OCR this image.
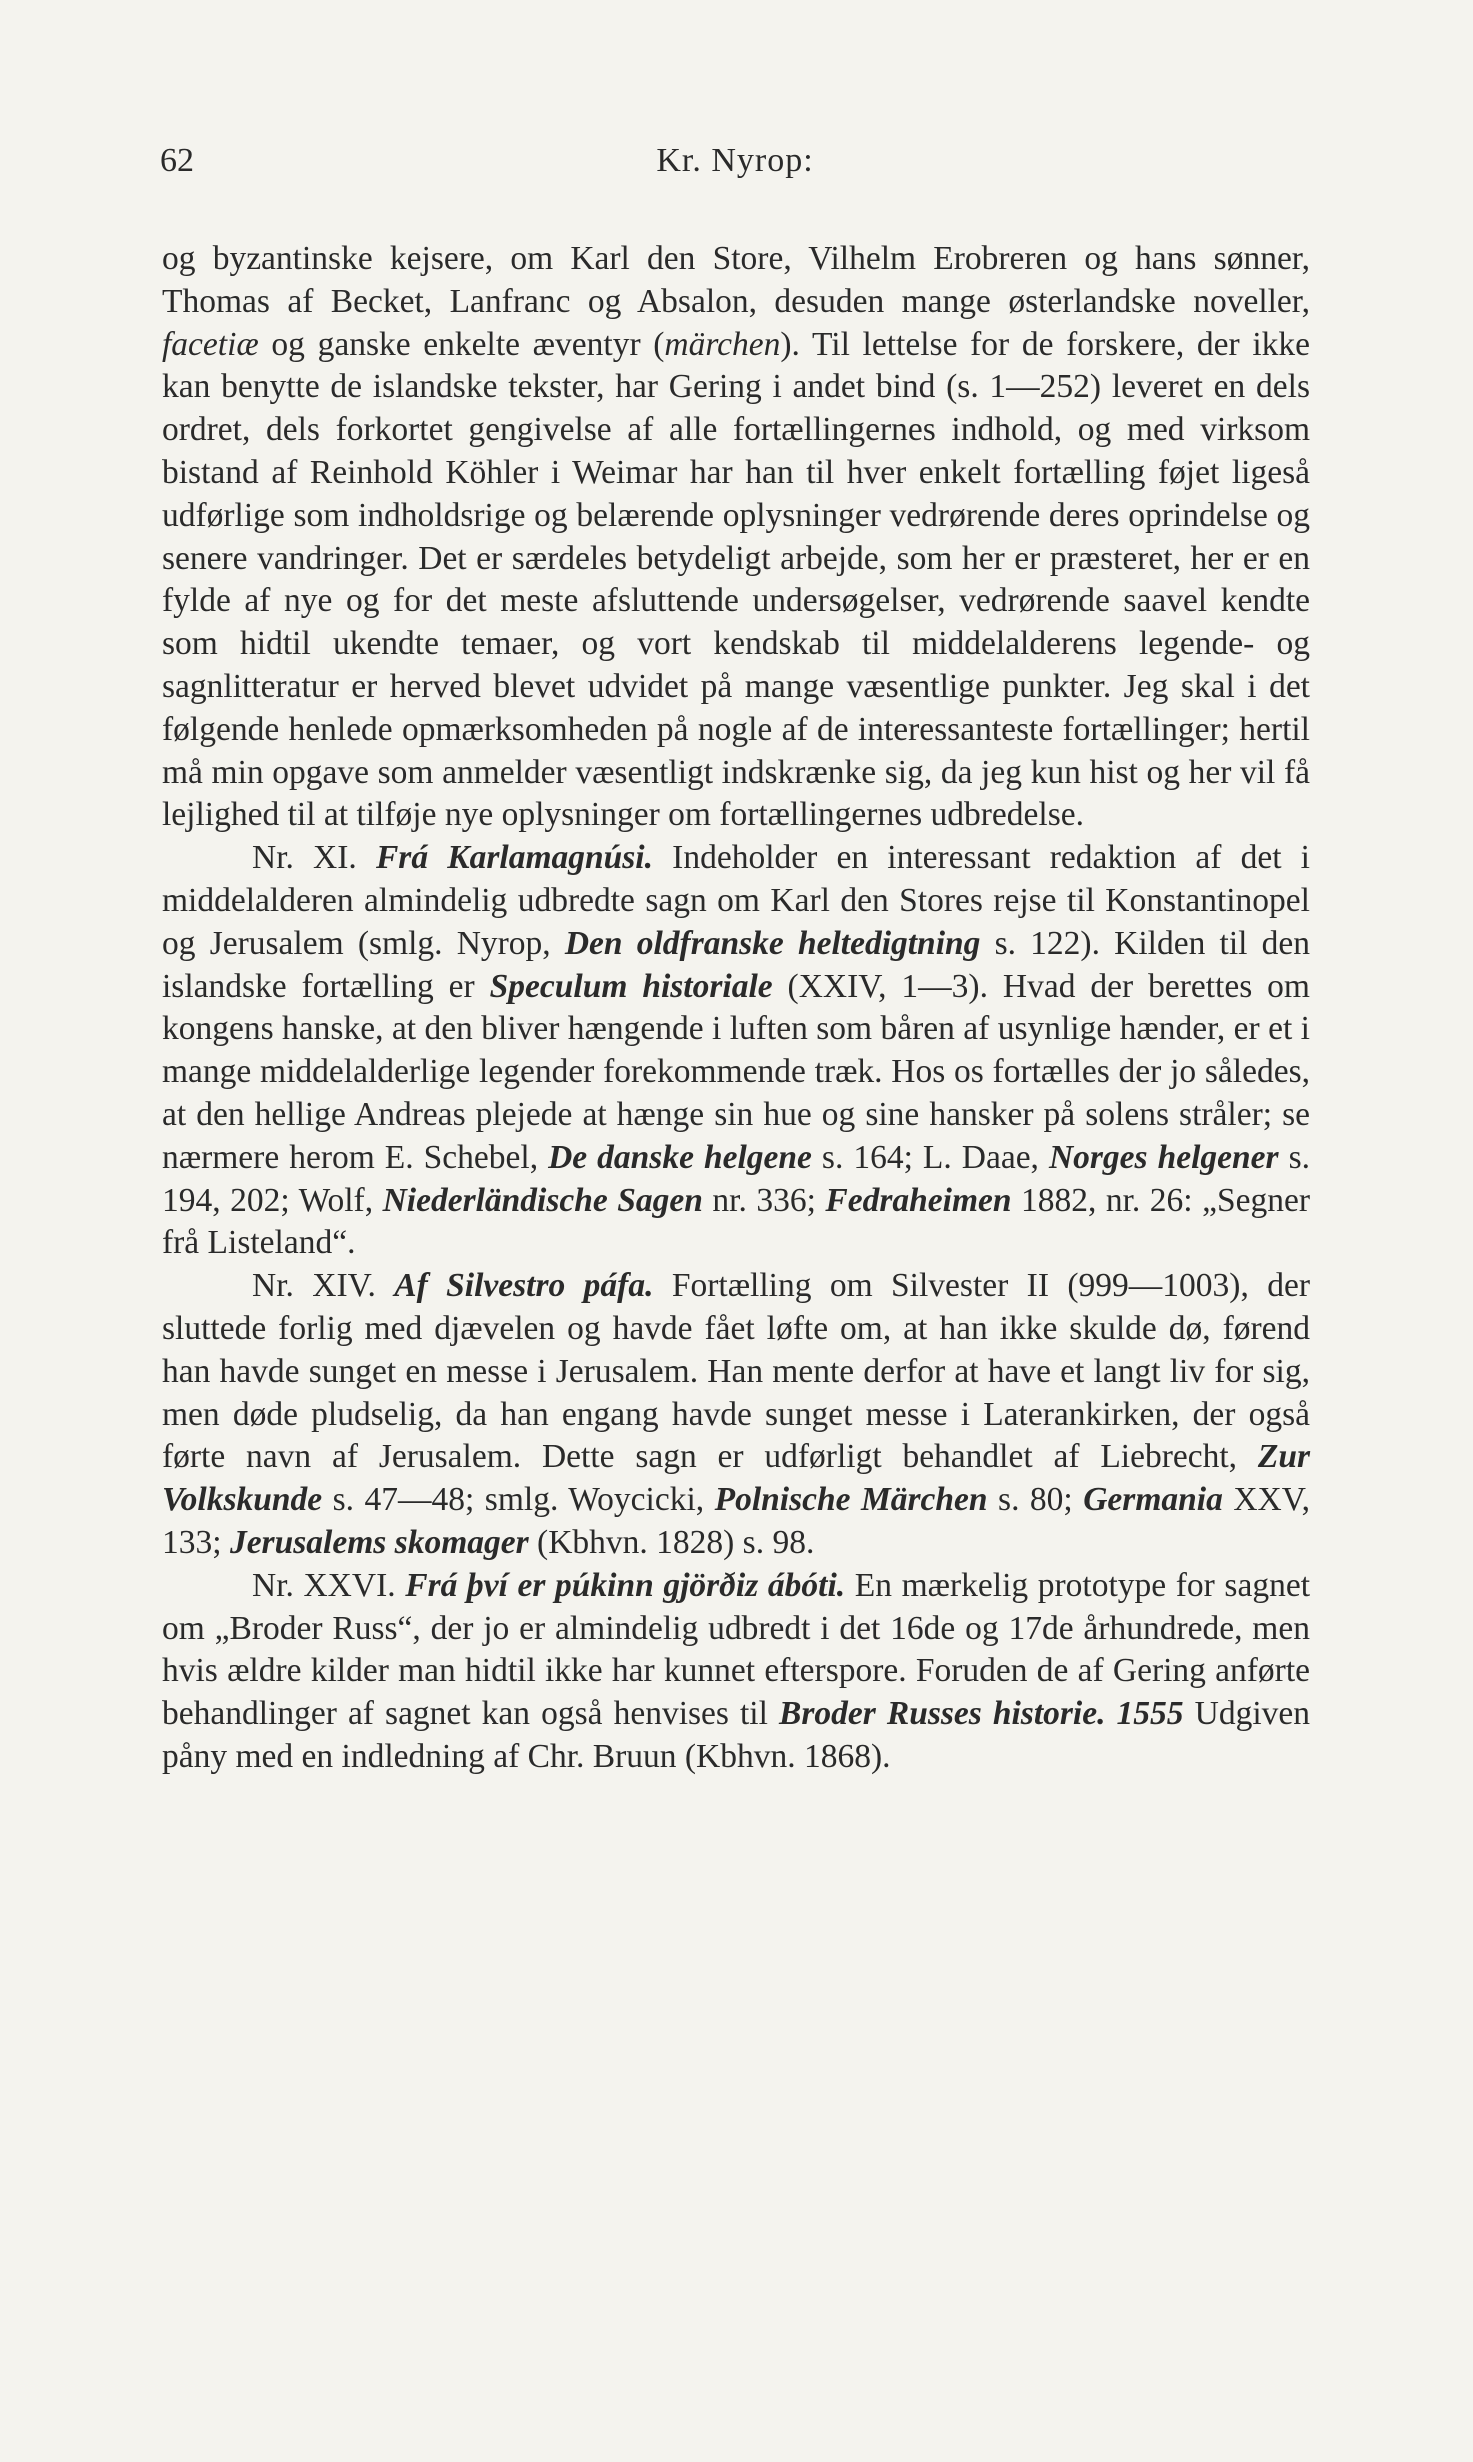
62	Kr. Nyrop:

og byzantinske kejsere, om Karl den Store, Vilhelm Erobreren og hans sønner, Thomas af Becket, Lanfranc og Absalon, desuden mange østerlandske noveller, facetiæ og ganske enkelte æventyr (märchen). Til lettelse for de forskere, der ikke kan benytte de islandske tekster, har Gering i andet bind (s. 1—252) leveret en dels ordret, dels forkortet gengivelse af alle fortællingernes indhold, og med virksom bistand af Reinhold Köhler i Weimar har han til hver enkelt fortælling føjet ligeså udførlige som indholdsrige og belærende oplysninger vedrørende deres oprindelse og senere vandringer. Det er særdeles betydeligt arbejde, som her er præsteret, her er en fylde af nye og for det meste afsluttende undersøgelser, vedrørende saavel kendte som hidtil ukendte temaer, og vort kendskab til middelalderens legende- og sagnlitteratur er herved blevet udvidet på mange væsentlige punkter. Jeg skal i det følgende henlede opmærksomheden på nogle af de interessanteste fortællinger; hertil må min opgave som anmelder væsentligt indskrænke sig, da jeg kun hist og her vil få lejlighed til at tilføje nye oplysninger om fortællingernes udbredelse.

Nr. XI. Frá Karlamagnúsi. Indeholder en interessant redaktion af det i middelalderen almindelig udbredte sagn om Karl den Stores rejse til Konstantinopel og Jerusalem (smlg. Nyrop, Den oldfranske heltedigtning s. 122). Kilden til den islandske fortælling er Speculum historiale (XXIV, 1—3). Hvad der berettes om kongens hanske, at den bliver hængende i luften som båren af usynlige hænder, er et i mange middelalderlige legender forekommende træk. Hos os fortælles der jo således, at den hellige Andreas plejede at hænge sin hue og sine hansker på solens stråler; se nærmere herom E. Schebel, De danske helgene s. 164; L. Daae, Norges helgener s. 194, 202; Wolf, Niederländische Sagen nr. 336; Fedraheimen 1882, nr. 26: „Segner frå Listeland“.

Nr. XIV. Af Silvestro páfa. Fortælling om Silvester II (999—1003), der sluttede forlig med djævelen og havde fået løfte om, at han ikke skulde dø, førend han havde sunget en messe i Jerusalem. Han mente derfor at have et langt liv for sig, men døde pludselig, da han engang havde sunget messe i Laterankirken, der også førte navn af Jerusalem. Dette sagn er udførligt behandlet af Liebrecht, Zur Volkskunde s. 47—48; smlg. Woycicki, Polnische Märchen s. 80; Germania XXV, 133; Jerusalems skomager (Kbhvn. 1828) s. 98.

Nr. XXVI. Frá því er púkinn gjörðiz ábóti. En mærkelig prototype for sagnet om „Broder Russ“, der jo er almindelig udbredt i det 16de og 17de århundrede, men hvis ældre kilder man hidtil ikke har kunnet efterspore. Foruden de af Gering anførte behandlinger af sagnet kan også henvises til Broder Russes historie. 1555 Udgiven påny med en indledning af Chr. Bruun (Kbhvn. 1868).
